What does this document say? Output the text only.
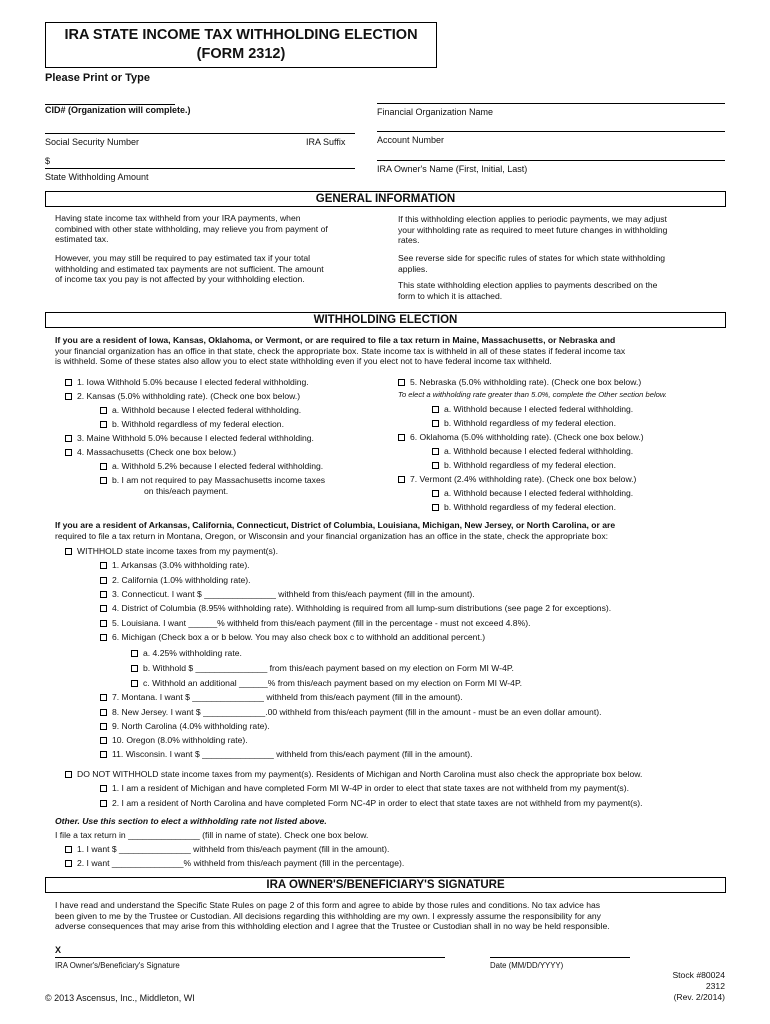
IRA STATE INCOME TAX WITHHOLDING ELECTION
(FORM 2312)
Please Print or Type
CID# (Organization will complete.)
Social Security Number	IRA Suffix
$
State Withholding Amount
Financial Organization Name
Account Number
IRA Owner's Name (First, Initial, Last)
GENERAL INFORMATION
Having state income tax withheld from your IRA payments, when
combined with other state withholding, may relieve you from payment of
estimated tax.
However, you may still be required to pay estimated tax if your total
withholding and estimated tax payments are not sufficient. The amount
of income tax you pay is not affected by your withholding election.
If this withholding election applies to periodic payments, we may adjust
your withholding rate as required to meet future changes in withholding
rates.
See reverse side for specific rules of states for which state withholding
applies.
This state withholding election applies to payments described on the
form to which it is attached.
WITHHOLDING ELECTION
If you are a resident of Iowa, Kansas, Oklahoma, or Vermont, or are required to file a tax return in Maine, Massachusetts, or Nebraska and
your financial organization has an office in that state, check the appropriate box. State income tax is withheld in all of these states if federal income tax
is withheld. Some of these states also allow you to elect state withholding even if you elect not to have federal income tax withheld.
1. Iowa Withhold 5.0% because I elected federal withholding.
2. Kansas (5.0% withholding rate). (Check one box below.)
a. Withhold because I elected federal withholding.
b. Withhold regardless of my federal election.
3. Maine Withhold 5.0% because I elected federal withholding.
4. Massachusetts (Check one box below.)
a. Withhold 5.2% because I elected federal withholding.
b. I am not required to pay Massachusetts income taxes
on this/each payment.
5. Nebraska (5.0% withholding rate). (Check one box below.)
To elect a withholding rate greater than 5.0%, complete the Other section below.
a. Withhold because I elected federal withholding.
b. Withhold regardless of my federal election.
6. Oklahoma (5.0% withholding rate). (Check one box below.)
a. Withhold because I elected federal withholding.
b. Withhold regardless of my federal election.
7. Vermont (2.4% withholding rate). (Check one box below.)
a. Withhold because I elected federal withholding.
b. Withhold regardless of my federal election.
If you are a resident of Arkansas, California, Connecticut, District of Columbia, Louisiana, Michigan, New Jersey, or North Carolina, or are
required to file a tax return in Montana, Oregon, or Wisconsin and your financial organization has an office in the state, check the appropriate box:
WITHHOLD state income taxes from my payment(s).
1. Arkansas (3.0% withholding rate).
2. California (1.0% withholding rate).
3. Connecticut. I want $ _______________ withheld from this/each payment (fill in the amount).
4. District of Columbia (8.95% withholding rate). Withholding is required from all lump-sum distributions (see page 2 for exceptions).
5. Louisiana. I want ______% withheld from this/each payment (fill in the percentage - must not exceed 4.8%).
6. Michigan (Check box a or b below. You may also check box c to withhold an additional percent.)
a. 4.25% withholding rate.
b. Withhold $ _______________ from this/each payment based on my election on Form MI W-4P.
c. Withhold an additional ______% from this/each payment based on my election on Form MI W-4P.
7. Montana. I want $ _______________ withheld from this/each payment (fill in the amount).
8. New Jersey. I want $ _____________.00 withheld from this/each payment (fill in the amount - must be an even dollar amount).
9. North Carolina (4.0% withholding rate).
10. Oregon (8.0% withholding rate).
11. Wisconsin. I want $ _______________ withheld from this/each payment (fill in the amount).
DO NOT WITHHOLD state income taxes from my payment(s). Residents of Michigan and North Carolina must also check the appropriate box below.
1. I am a resident of Michigan and have completed Form MI W-4P in order to elect that state taxes are not withheld from my payment(s).
2. I am a resident of North Carolina and have completed Form NC-4P in order to elect that state taxes are not withheld from my payment(s).
Other. Use this section to elect a withholding rate not listed above.
I file a tax return in _______________ (fill in name of state). Check one box below.
1. I want $ _______________ withheld from this/each payment (fill in the amount).
2. I want _______________% withheld from this/each payment (fill in the percentage).
IRA OWNER'S/BENEFICIARY'S SIGNATURE
I have read and understand the Specific State Rules on page 2 of this form and agree to abide by those rules and conditions. No tax advice has
been given to me by the Trustee or Custodian. All decisions regarding this withholding are my own. I expressly assume the responsibility for any
adverse consequences that may arise from this withholding election and I agree that the Trustee or Custodian shall in no way be held responsible.
X
IRA Owner's/Beneficiary's Signature	Date (MM/DD/YYYY)
© 2013 Ascensus, Inc., Middleton, WI
Stock #80024
2312
(Rev. 2/2014)
